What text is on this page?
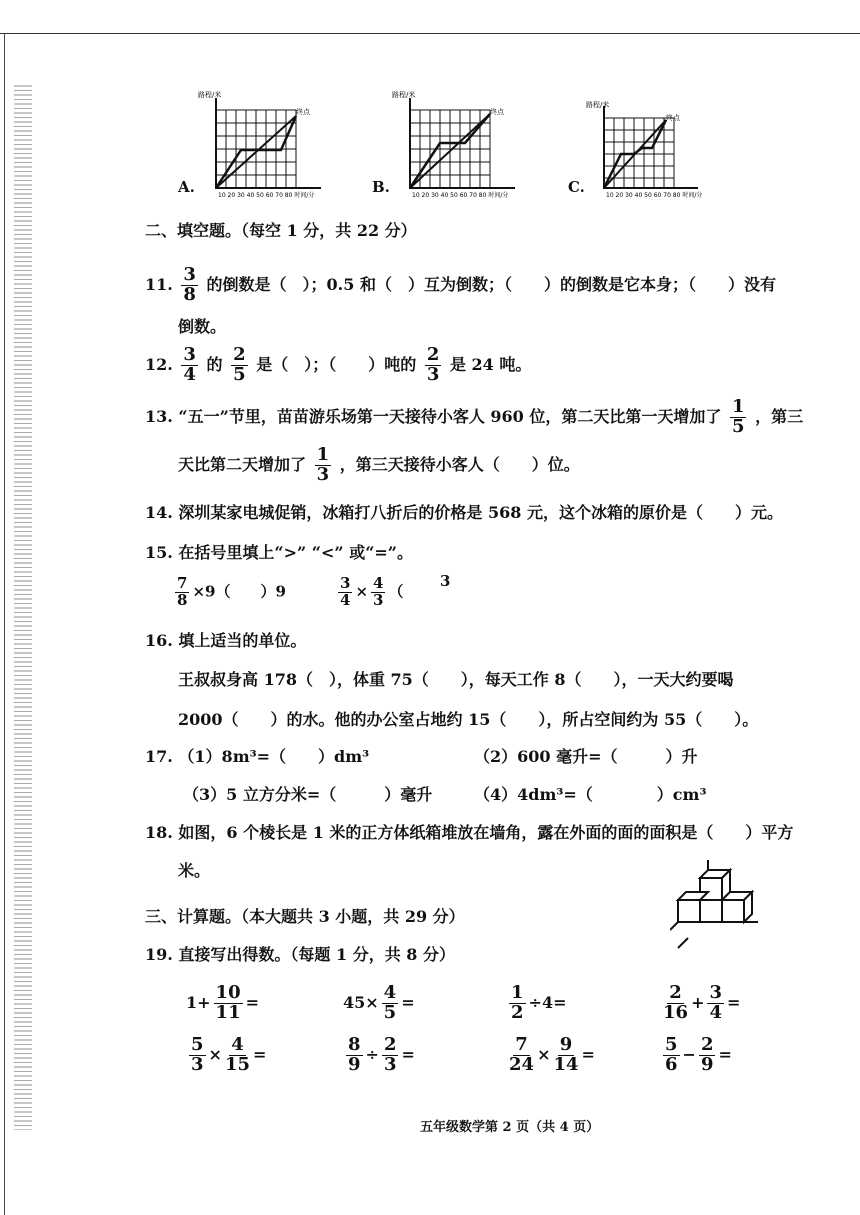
A.
路程/米
终点
10 20 30 40 50 60 70 80 时间/分	B.
路程/米
终点
10 20 30 40 50 60 70 80 时间/分	C.
路程/米
终点
10 20 30 40 50 60 70 80 时间/分
二、填空题。（每空 1 分，共 22 分）
11. $\frac{3}{8}$ 的倒数是（　）；0.5 和（　）互为倒数；（　　）的倒数是它本身；（　　）没有
倒数。
12. $\frac{3}{4}$ 的 $\frac{2}{5}$ 是（　）；（　　）吨的 $\frac{2}{3}$ 是 24 吨。
13. “五一”节里，苗苗游乐场第一天接待小客人 960 位，第二天比第一天增加了 $\frac{1}{5}$ ，第三
天比第二天增加了 $\frac{1}{3}$ ，第三天接待小客人（　　）位。
14. 深圳某家电城促销，冰箱打八折后的价格是 568 元，这个冰箱的原价是（　　）元。
15. 在括号里填上“>” “<” 或“=”。
$\frac{7}{8} \times 9$（　　）9	$\frac{3}{4} \times \frac{4}{3}$ （
3
16. 填上适当的单位。
王叔叔身高 178（　），体重 75（　　），每天工作 8（　　），一天大约要喝
2000（　　）的水。他的办公室占地约 15（　　），所占空间约为 55（　　）。
17. （1）8m³=（　　）dm³	（2）600 毫升=（　　　）升
（3）5 立方分米=（　　　）毫升	（4）4dm³=（　　　　）cm³
18. 如图，6 个棱长是 1 米的正方体纸箱堆放在墙角，露在外面的面的面积是（　　）平方
米。
三、计算题。（本大题共 3 小题，共 29 分）
19. 直接写出得数。（每题 1 分，共 8 分）
$1+ \frac{10}{11}$ =	$45\times \frac{4}{5}$ =	$\frac{1}{2} \div 4=$	$\frac{2}{16} + \frac{3}{4}$ =
$\frac{5}{3} \times \frac{4}{15}$ =	$\frac{8}{9} \div \frac{2}{3}$ =	$\frac{7}{24} \times \frac{9}{14}$ =	$\frac{5}{6} - \frac{2}{9}$ =
五年级数学第 2 页（共 4 页）
